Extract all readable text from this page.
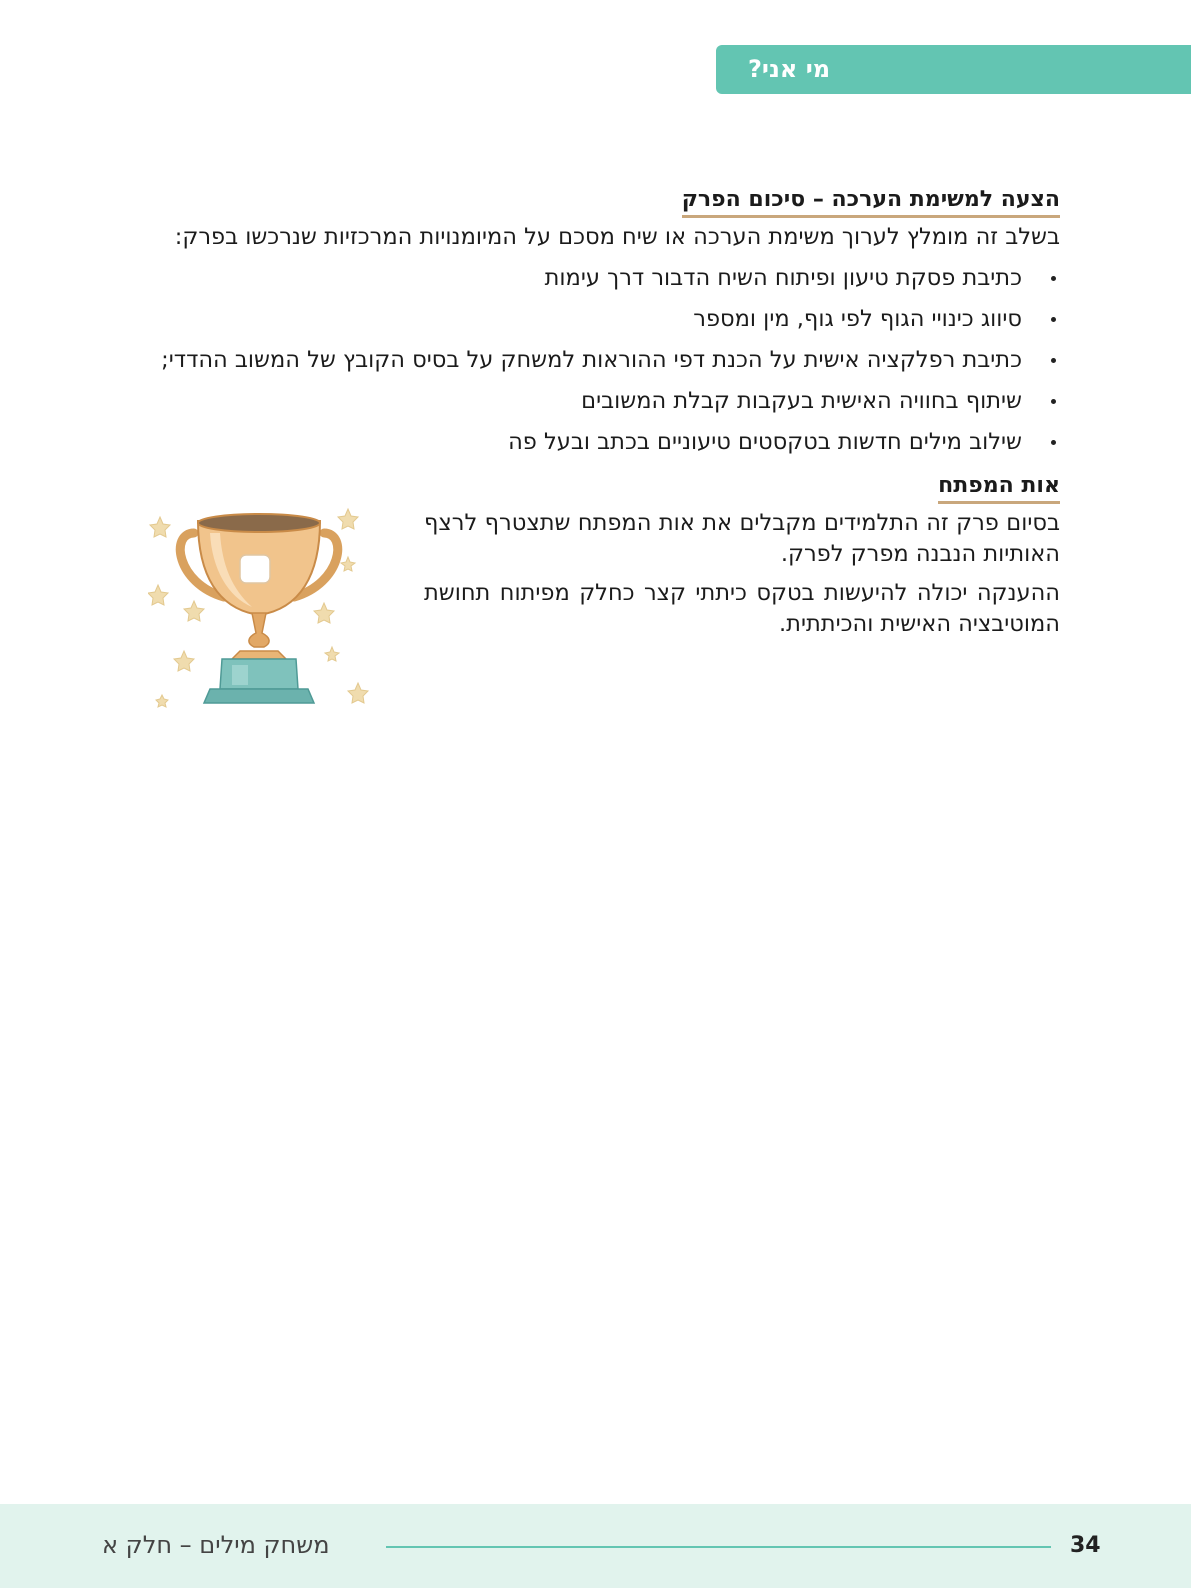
מי אני?
הצעה למשימת הערכה – סיכום הפרק

בשלב זה מומלץ לערוך משימת הערכה או שיח מסכם על המיומנויות המרכזיות שנרכשו בפרק:

כתיבת פסקת טיעון ופיתוח השיח הדבור דרך עימות
סיווג כינויי הגוף לפי גוף, מין ומספר
כתיבת רפלקציה אישית על הכנת דפי ההוראות למשחק על בסיס הקובץ של המשוב ההדדי;
שיתוף בחוויה האישית בעקבות קבלת המשובים
שילוב מילים חדשות בטקסטים טיעוניים בכתב ובעל פה
אות המפתח

בסיום פרק זה התלמידים מקבלים את אות המפתח שתצטרף לרצף האותיות הנבנה מפרק לפרק.

ההענקה יכולה להיעשות בטקס כיתתי קצר כחלק מפיתוח תחושת המוטיבציה האישית והכיתתית.

משחק מילים – חלק א	34
